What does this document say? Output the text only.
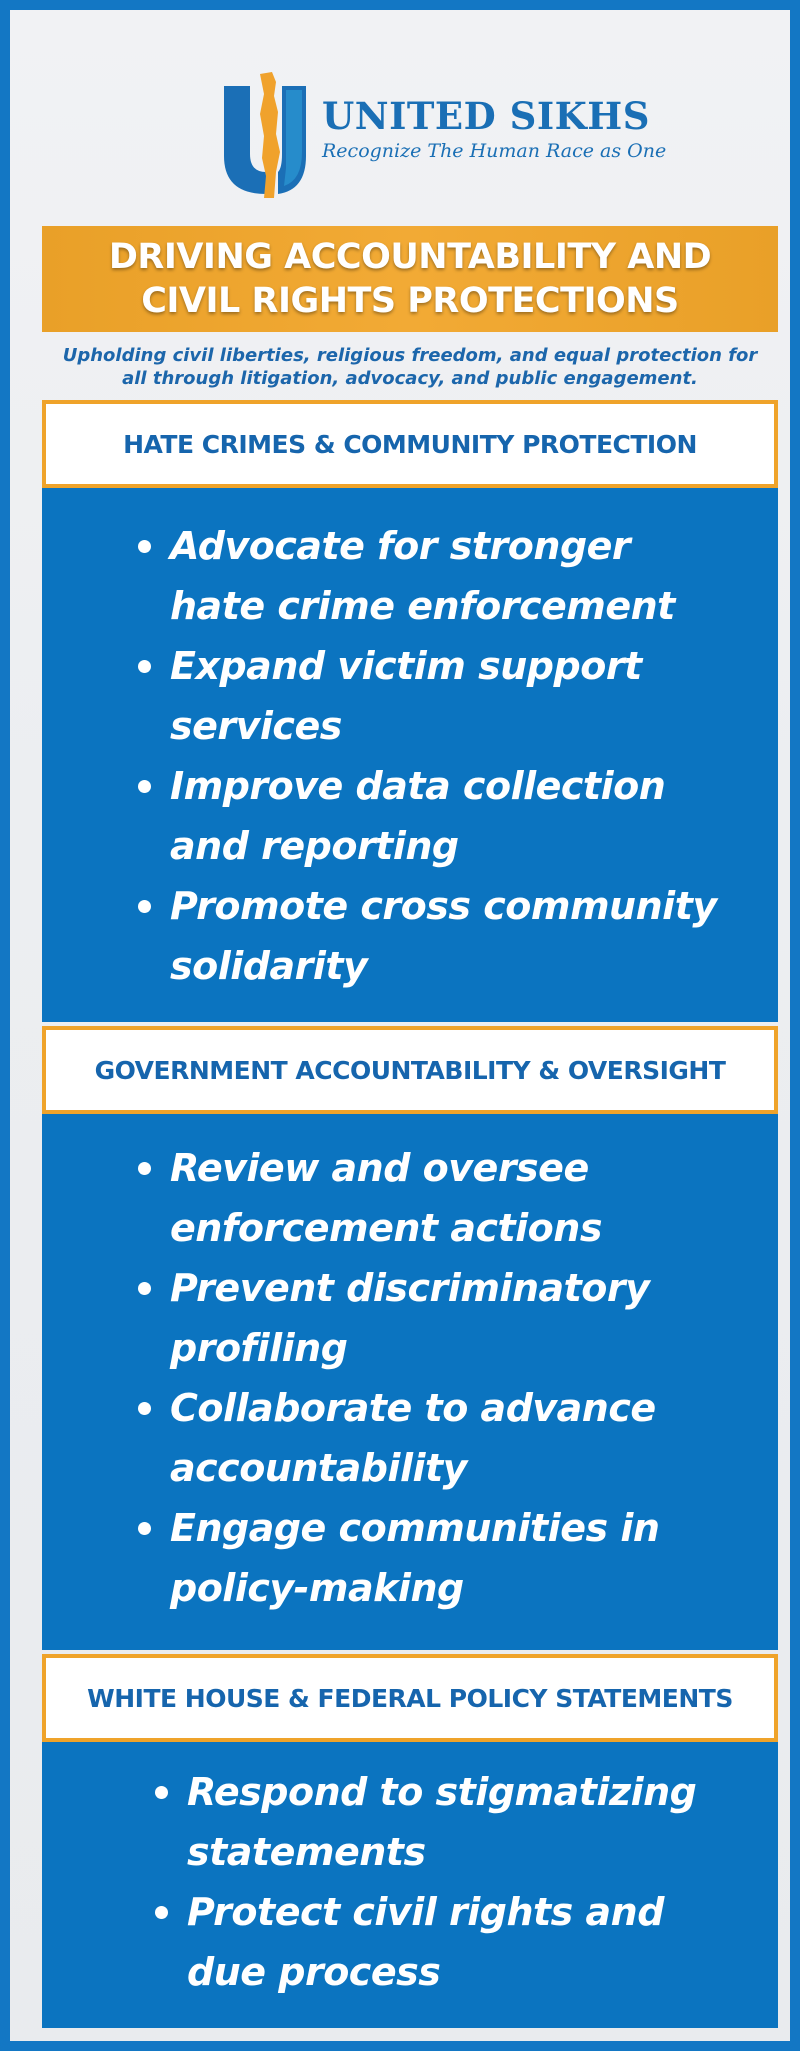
UNITED SIKHS
Recognize The Human Race as One
DRIVING ACCOUNTABILITY AND CIVIL RIGHTS PROTECTIONS
Upholding civil liberties, religious freedom, and equal protection for all through litigation, advocacy, and public engagement.
HATE CRIMES & COMMUNITY PROTECTION
Advocate for stronger hate crime enforcement
Expand victim support services
Improve data collection and reporting
Promote cross community solidarity
GOVERNMENT ACCOUNTABILITY & OVERSIGHT
Review and oversee enforcement actions
Prevent discriminatory profiling
Collaborate to advance accountability
Engage communities in policy-making
WHITE HOUSE & FEDERAL POLICY STATEMENTS
Respond to stigmatizing statements
Protect civil rights and due process
